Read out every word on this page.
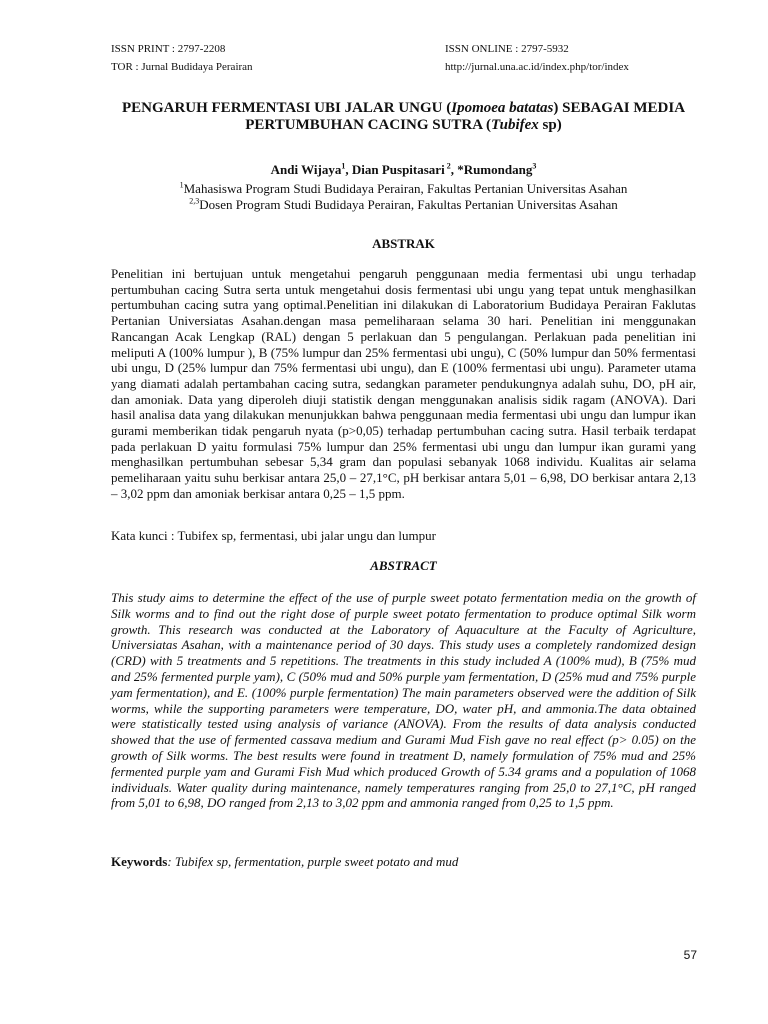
ISSN PRINT : 2797-2208	ISSN ONLINE : 2797-5932
TOR : Jurnal Budidaya Perairan	http://jurnal.una.ac.id/index.php/tor/index
PENGARUH FERMENTASI UBI JALAR UNGU (Ipomoea batatas) SEBAGAI MEDIA PERTUMBUHAN CACING SUTRA (Tubifex sp)
Andi Wijaya$^1$, Dian Puspitasari $^2$, *Rumondang$^3$
$^1$Mahasiswa Program Studi Budidaya Perairan, Fakultas Pertanian Universitas Asahan
$^{2,3}$Dosen Program Studi Budidaya Perairan, Fakultas Pertanian Universitas Asahan
ABSTRAK
Penelitian ini bertujuan untuk mengetahui pengaruh penggunaan media fermentasi ubi ungu terhadap pertumbuhan cacing Sutra serta untuk mengetahui dosis fermentasi ubi ungu yang tepat untuk menghasilkan pertumbuhan cacing sutra yang optimal.Penelitian ini dilakukan di Laboratorium Budidaya Perairan Faklutas Pertanian Universiatas Asahan.dengan masa pemeliharaan selama 30 hari. Penelitian ini menggunakan Rancangan Acak Lengkap (RAL) dengan 5 perlakuan dan 5 pengulangan. Perlakuan pada penelitian ini meliputi A (100% lumpur ), B (75% lumpur dan 25% fermentasi ubi ungu), C (50% lumpur dan 50% fermentasi ubi ungu, D (25% lumpur dan 75% fermentasi ubi ungu), dan E (100% fermentasi ubi ungu). Parameter utama yang diamati adalah pertambahan cacing sutra, sedangkan parameter pendukungnya adalah suhu, DO, pH air, dan amoniak. Data yang diperoleh diuji statistik dengan menggunakan analisis sidik ragam (ANOVA). Dari hasil analisa data yang dilakukan menunjukkan bahwa penggunaan media fermentasi ubi ungu dan lumpur ikan gurami memberikan tidak pengaruh nyata (p>0,05) terhadap pertumbuhan cacing sutra. Hasil terbaik terdapat pada perlakuan D yaitu formulasi 75% lumpur dan 25% fermentasi ubi ungu dan lumpur ikan gurami yang menghasilkan pertumbuhan sebesar 5,34 gram dan populasi sebanyak 1068 individu. Kualitas air selama pemeliharaan yaitu suhu berkisar antara 25,0 – 27,1°C, pH berkisar antara 5,01 – 6,98, DO berkisar antara 2,13 – 3,02 ppm dan amoniak berkisar antara 0,25 – 1,5 ppm.
Kata kunci : Tubifex sp, fermentasi, ubi jalar ungu dan lumpur
ABSTRACT
This study aims to determine the effect of the use of purple sweet potato fermentation media on the growth of Silk worms and to find out the right dose of purple sweet potato fermentation to produce optimal Silk worm growth. This research was conducted at the Laboratory of Aquaculture at the Faculty of Agriculture, Universiatas Asahan, with a maintenance period of 30 days. This study uses a completely randomized design (CRD) with 5 treatments and 5 repetitions. The treatments in this study included A (100% mud), B (75% mud and 25% fermented purple yam), C (50% mud and 50% purple yam fermentation, D (25% mud and 75% purple yam fermentation), and E. (100% purple fermentation) The main parameters observed were the addition of Silk worms, while the supporting parameters were temperature, DO, water pH, and ammonia.The data obtained were statistically tested using analysis of variance (ANOVA). From the results of data analysis conducted showed that the use of fermented cassava medium and Gurami Mud Fish gave no real effect (p> 0.05) on the growth of Silk worms. The best results were found in treatment D, namely formulation of 75% mud and 25% fermented purple yam and Gurami Fish Mud which produced Growth of 5.34 grams and a population of 1068 individuals. Water quality during maintenance, namely temperatures ranging from 25,0 to 27,1°C, pH ranged from 5,01 to 6,98, DO ranged from 2,13 to 3,02 ppm and ammonia ranged from 0,25 to 1,5 ppm.
Keywords: Tubifex sp, fermentation, purple sweet potato and mud
57
